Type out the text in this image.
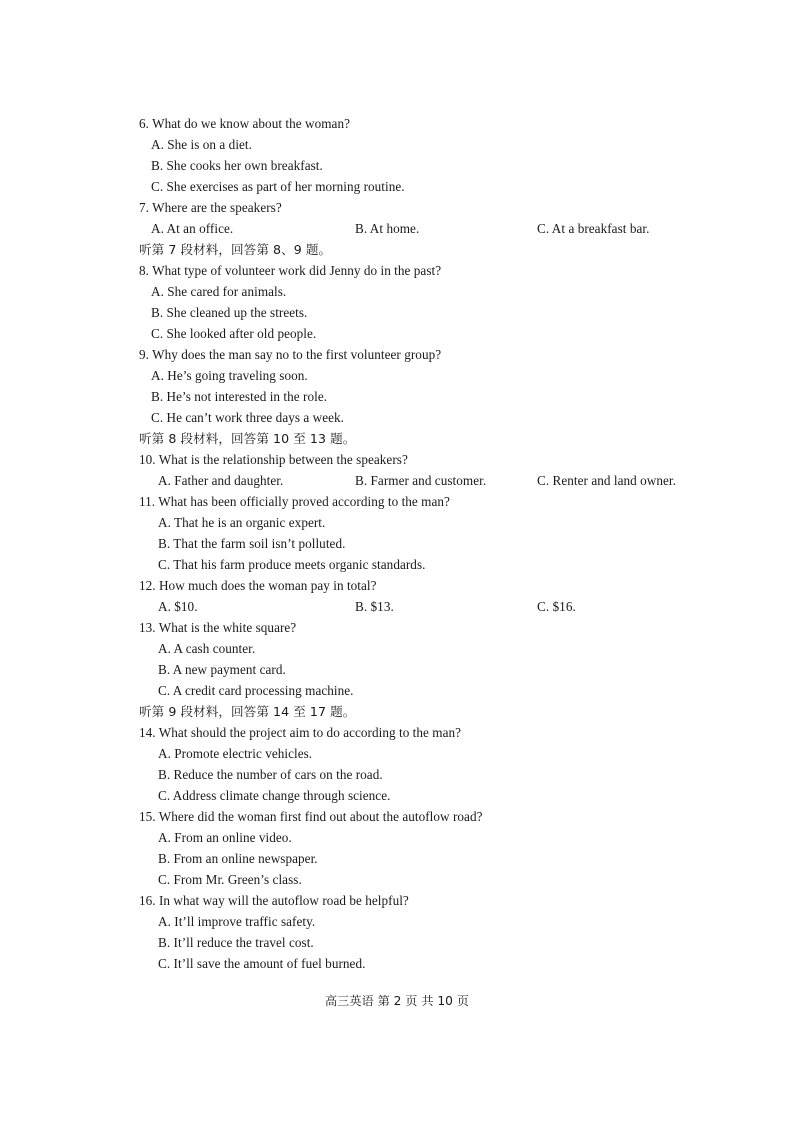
高三英语 第 2 页 共 10 页
6. What do we know about the woman?
A. She is on a diet.
B. She cooks her own breakfast.
C. She exercises as part of her morning routine.
7. Where are the speakers?
A. At an office.	B. At home.	C. At a breakfast bar.
听第 7 段材料，回答第 8、9 题。
8. What type of volunteer work did Jenny do in the past?
A. She cared for animals.
B. She cleaned up the streets.
C. She looked after old people.
9. Why does the man say no to the first volunteer group?
A. He’s going traveling soon.
B. He’s not interested in the role.
C. He can’t work three days a week.
听第 8 段材料，回答第 10 至 13 题。
10. What is the relationship between the speakers?
A. Father and daughter.	B. Farmer and customer.	C. Renter and land owner.
11. What has been officially proved according to the man?
A. That he is an organic expert.
B. That the farm soil isn’t polluted.
C. That his farm produce meets organic standards.
12. How much does the woman pay in total?
A. $10.	B. $13.	C. $16.
13. What is the white square?
A. A cash counter.
B. A new payment card.
C. A credit card processing machine.
听第 9 段材料，回答第 14 至 17 题。
14. What should the project aim to do according to the man?
A. Promote electric vehicles.
B. Reduce the number of cars on the road.
C. Address climate change through science.
15. Where did the woman first find out about the autoflow road?
A. From an online video.
B. From an online newspaper.
C. From Mr. Green’s class.
16. In what way will the autoflow road be helpful?
A. It’ll improve traffic safety.
B. It’ll reduce the travel cost.
C. It’ll save the amount of fuel burned.
